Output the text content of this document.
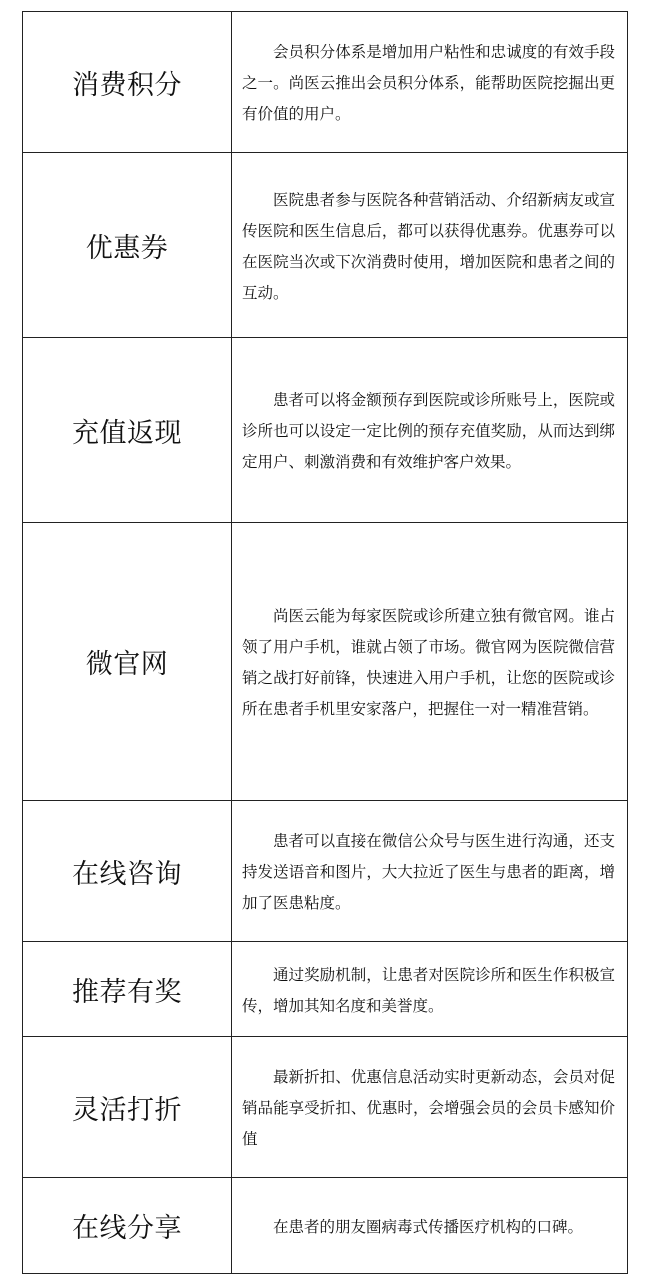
消费积分	会员积分体系是增加用户粘性和忠诚度的有效手段之一。尚医云推出会员积分体系，能帮助医院挖掘出更有价值的用户。
优惠券	医院患者参与医院各种营销活动、介绍新病友或宣传医院和医生信息后，都可以获得优惠券。优惠券可以在医院当次或下次消费时使用，增加医院和患者之间的互动。
充值返现	患者可以将金额预存到医院或诊所账号上，医院或诊所也可以设定一定比例的预存充值奖励，从而达到绑定用户、刺激消费和有效维护客户效果。
微官网	尚医云能为每家医院或诊所建立独有微官网。谁占领了用户手机，谁就占领了市场。微官网为医院微信营销之战打好前锋，快速进入用户手机，让您的医院或诊所在患者手机里安家落户，把握住一对一精准营销。
在线咨询	患者可以直接在微信公众号与医生进行沟通，还支持发送语音和图片，大大拉近了医生与患者的距离，增加了医患粘度。
推荐有奖	通过奖励机制，让患者对医院诊所和医生作积极宣传，增加其知名度和美誉度。
灵活打折	最新折扣、优惠信息活动实时更新动态，会员对促销品能享受折扣、优惠时，会增强会员的会员卡感知价值
在线分享	在患者的朋友圈病毒式传播医疗机构的口碑。
